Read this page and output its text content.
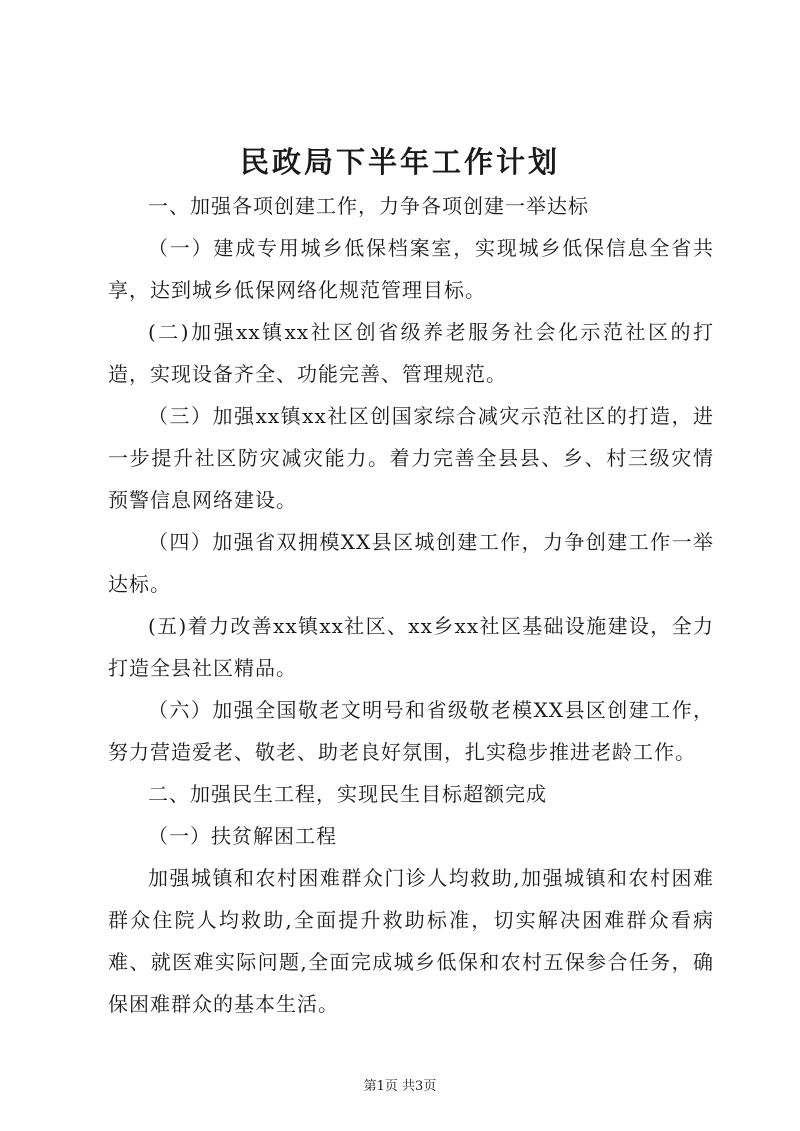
民政局下半年工作计划

一、加强各项创建工作，力争各项创建一举达标

（一）建成专用城乡低保档案室，实现城乡低保信息全省共享，达到城乡低保网络化规范管理目标。

(二)加强xx镇xx社区创省级养老服务社会化示范社区的打造，实现设备齐全、功能完善、管理规范。

（三）加强xx镇xx社区创国家综合减灾示范社区的打造，进一步提升社区防灾减灾能力。着力完善全县县、乡、村三级灾情预警信息网络建设。

（四）加强省双拥模XX县区城创建工作，力争创建工作一举达标。

(五)着力改善xx镇xx社区、xx乡xx社区基础设施建设，全力打造全县社区精品。

（六）加强全国敬老文明号和省级敬老模XX县区创建工作，努力营造爱老、敬老、助老良好氛围，扎实稳步推进老龄工作。

二、加强民生工程，实现民生目标超额完成

（一）扶贫解困工程

加强城镇和农村困难群众门诊人均救助,加强城镇和农村困难群众住院人均救助,全面提升救助标准，切实解决困难群众看病难、就医难实际问题,全面完成城乡低保和农村五保参合任务，确保困难群众的基本生活。

第1页 共3页
